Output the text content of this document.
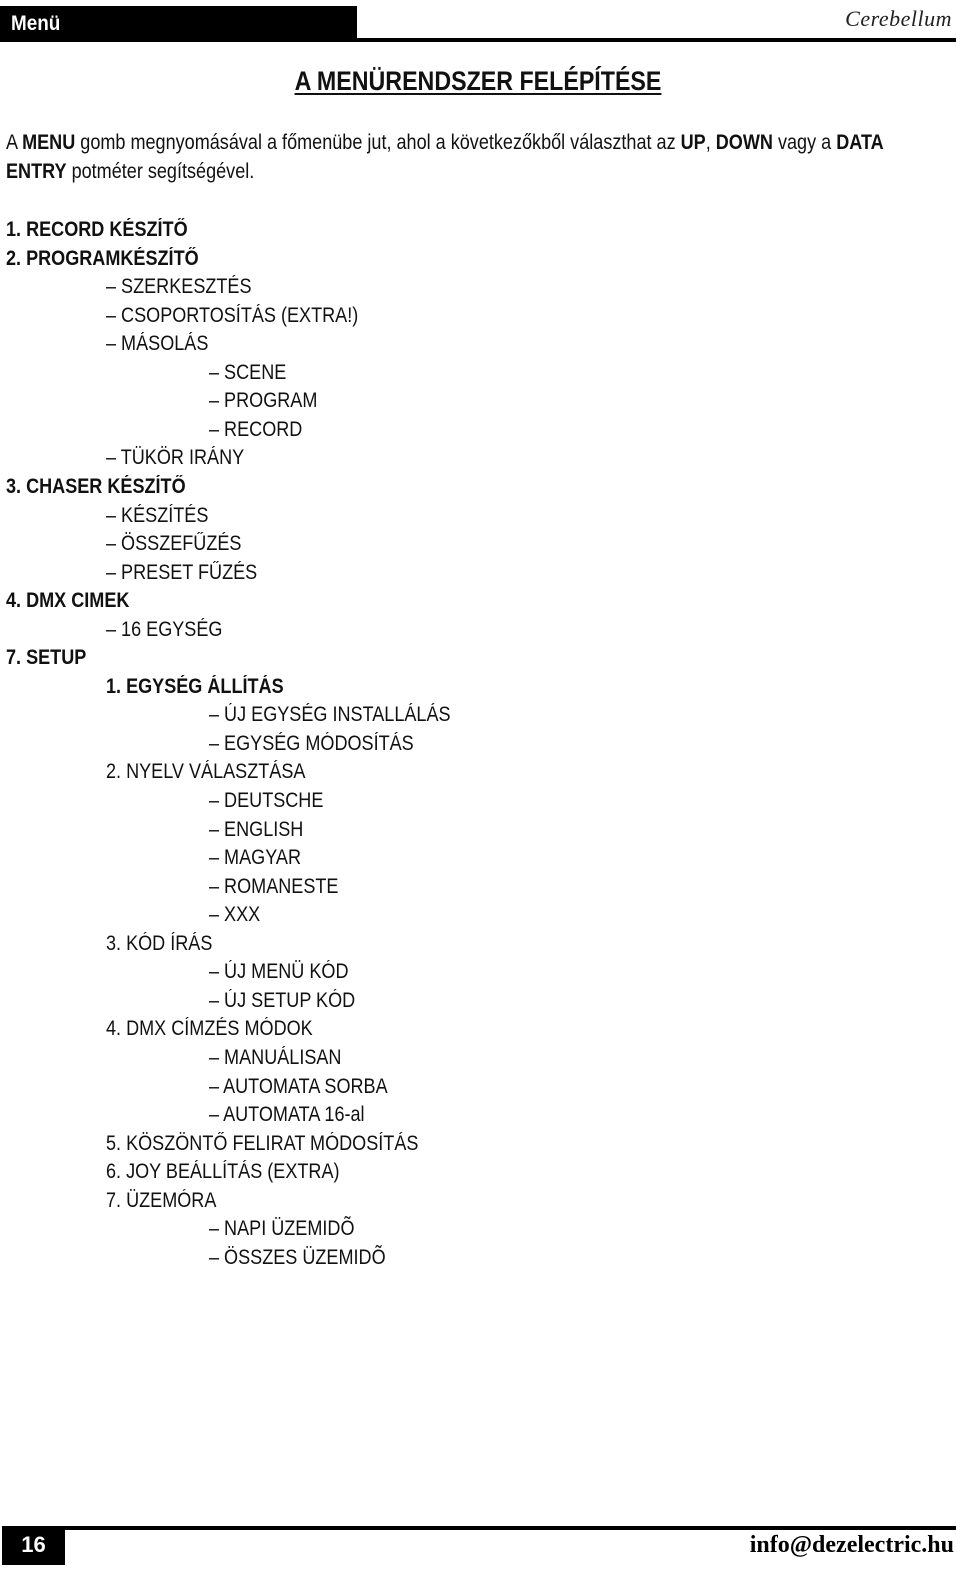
Menü	Cerebellum
A MENÜRENDSZER FELÉPÍTÉSE
A MENU gomb megnyomásával a főmenübe jut, ahol a következőkből választhat az UP, DOWN vagy a DATA ENTRY potméter segítségével.
1. RECORD KÉSZÍTŐ
2. PROGRAMKÉSZÍTŐ
– SZERKESZTÉS
– CSOPORTOSÍTÁS (EXTRA!)
– MÁSOLÁS
– SCENE
– PROGRAM
– RECORD
– TÜKÖR IRÁNY
3. CHASER KÉSZÍTŐ
– KÉSZÍTÉS
– ÖSSZEFŰZÉS
– PRESET FŰZÉS
4. DMX CIMEK
– 16 EGYSÉG
7. SETUP
1. EGYSÉG ÁLLÍTÁS
– ÚJ EGYSÉG INSTALLÁLÁS
– EGYSÉG MÓDOSÍTÁS
2. NYELV VÁLASZTÁSA
– DEUTSCHE
– ENGLISH
– MAGYAR
– ROMANESTE
– XXX
3. KÓD ÍRÁS
– ÚJ MENÜ KÓD
– ÚJ SETUP KÓD
4. DMX CÍMZÉS MÓDOK
– MANUÁLISAN
– AUTOMATA SORBA
– AUTOMATA 16-al
5. KÖSZÖNTŐ FELIRAT MÓDOSÍTÁS
6. JOY BEÁLLÍTÁS (EXTRA)
7. ÜZEMÓRA
– NAPI ÜZEMIDÕ
– ÖSSZES ÜZEMIDÕ
16	info@dezelectric.hu
